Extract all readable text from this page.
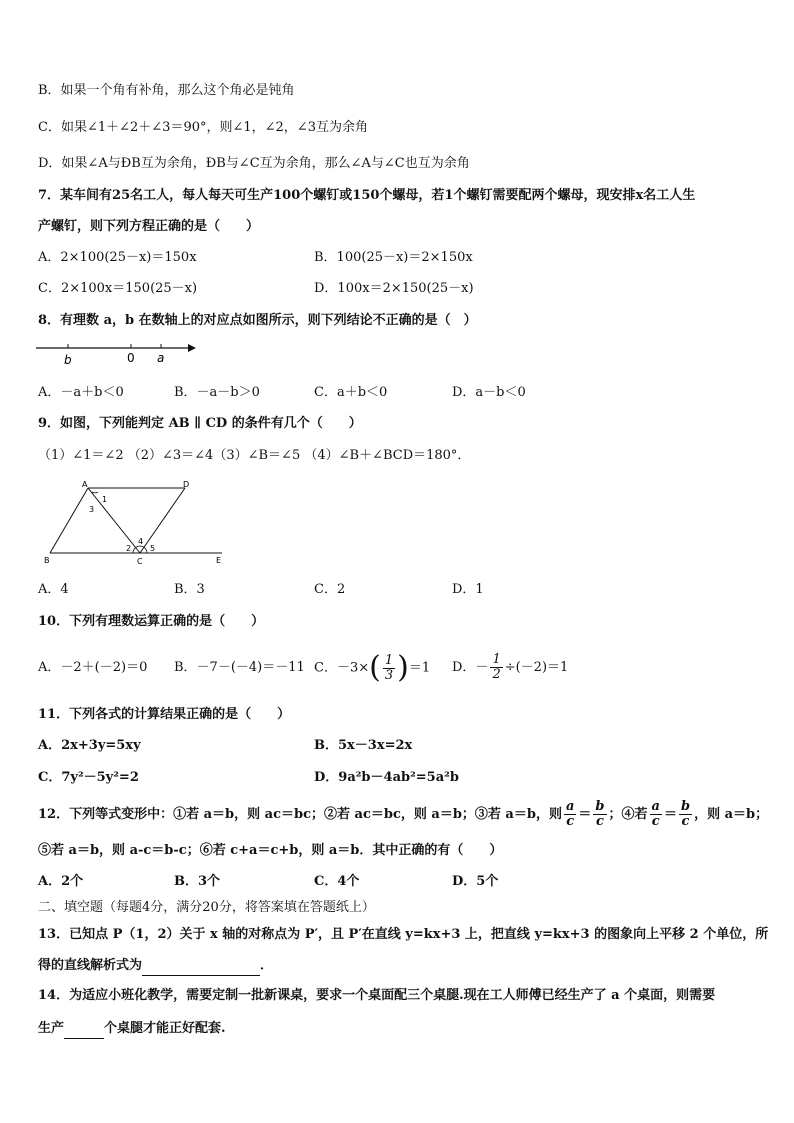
B．如果一个角有补角，那么这个角必是钝角
C．如果∠1＋∠2＋∠3＝90°，则∠1，∠2，∠3互为余角
D．如果∠A与ÐB互为余角，ÐB与∠C互为余角，那么∠A与∠C也互为余角
7．某车间有25名工人，每人每天可生产100个螺钉或150个螺母，若1个螺钉需要配两个螺母，现安排x名工人生
产螺钉，则下列方程正确的是（　　）
A．2×100(25－x)＝150x	B．100(25－x)＝2×150x
C．2×100x＝150(25－x)	D．100x＝2×150(25－x)
8．有理数 a，b 在数轴上的对应点如图所示，则下列结论不正确的是（　）
b	0 a
A．－a＋b＜0	B．－a－b＞0	C．a＋b＜0	D．a－b＜0
9．如图，下列能判定 AB ∥ CD 的条件有几个（　　）
（1）∠1＝∠2 （2）∠3＝∠4（3）∠B＝∠5 （4）∠B＋∠BCD＝180°．
A	D
B	C	E
1
3
2
4
5
A．4	B．3	C．2	D．1
10．下列有理数运算正确的是（　　）
A．－2＋(－2)＝0 B．－7－(－4)＝－11 C．$-3\times( \frac{1}{3} )=1$ D．－ $\frac{1}{2} \div(-2)=1$
11．下列各式的计算结果正确的是（　　）
A．2x+3y=5xy	B．5x－3x=2x
C．7y²－5y²=2	D．9a²b－4ab²=5a²b
12．下列等式变形中：①若 a＝b，则 ac＝bc；②若 ac＝bc，则 a＝b；③若 a＝b，则 $\frac{a}{c} = \frac{b}{c}$ ；④若 $\frac{a}{c} = \frac{b}{c}$ ，则 a＝b；
⑤若 a＝b，则 a-c＝b-c；⑥若 c+a＝c+b，则 a＝b．其中正确的有（　　）
A．2个	B．3个	C．4个	D．5个
二、填空题（每题4分，满分20分，将答案填在答题纸上）
13．已知点 P（1，2）关于 x 轴的对称点为 P′，且 P′在直线 y=kx+3 上，把直线 y=kx+3 的图象向上平移 2 个单位，所
得的直线解析式为	．
14．为适应小班化教学，需要定制一批新课桌，要求一个桌面配三个桌腿.现在工人师傅已经生产了 a 个桌面，则需要
生产	个桌腿才能正好配套.
